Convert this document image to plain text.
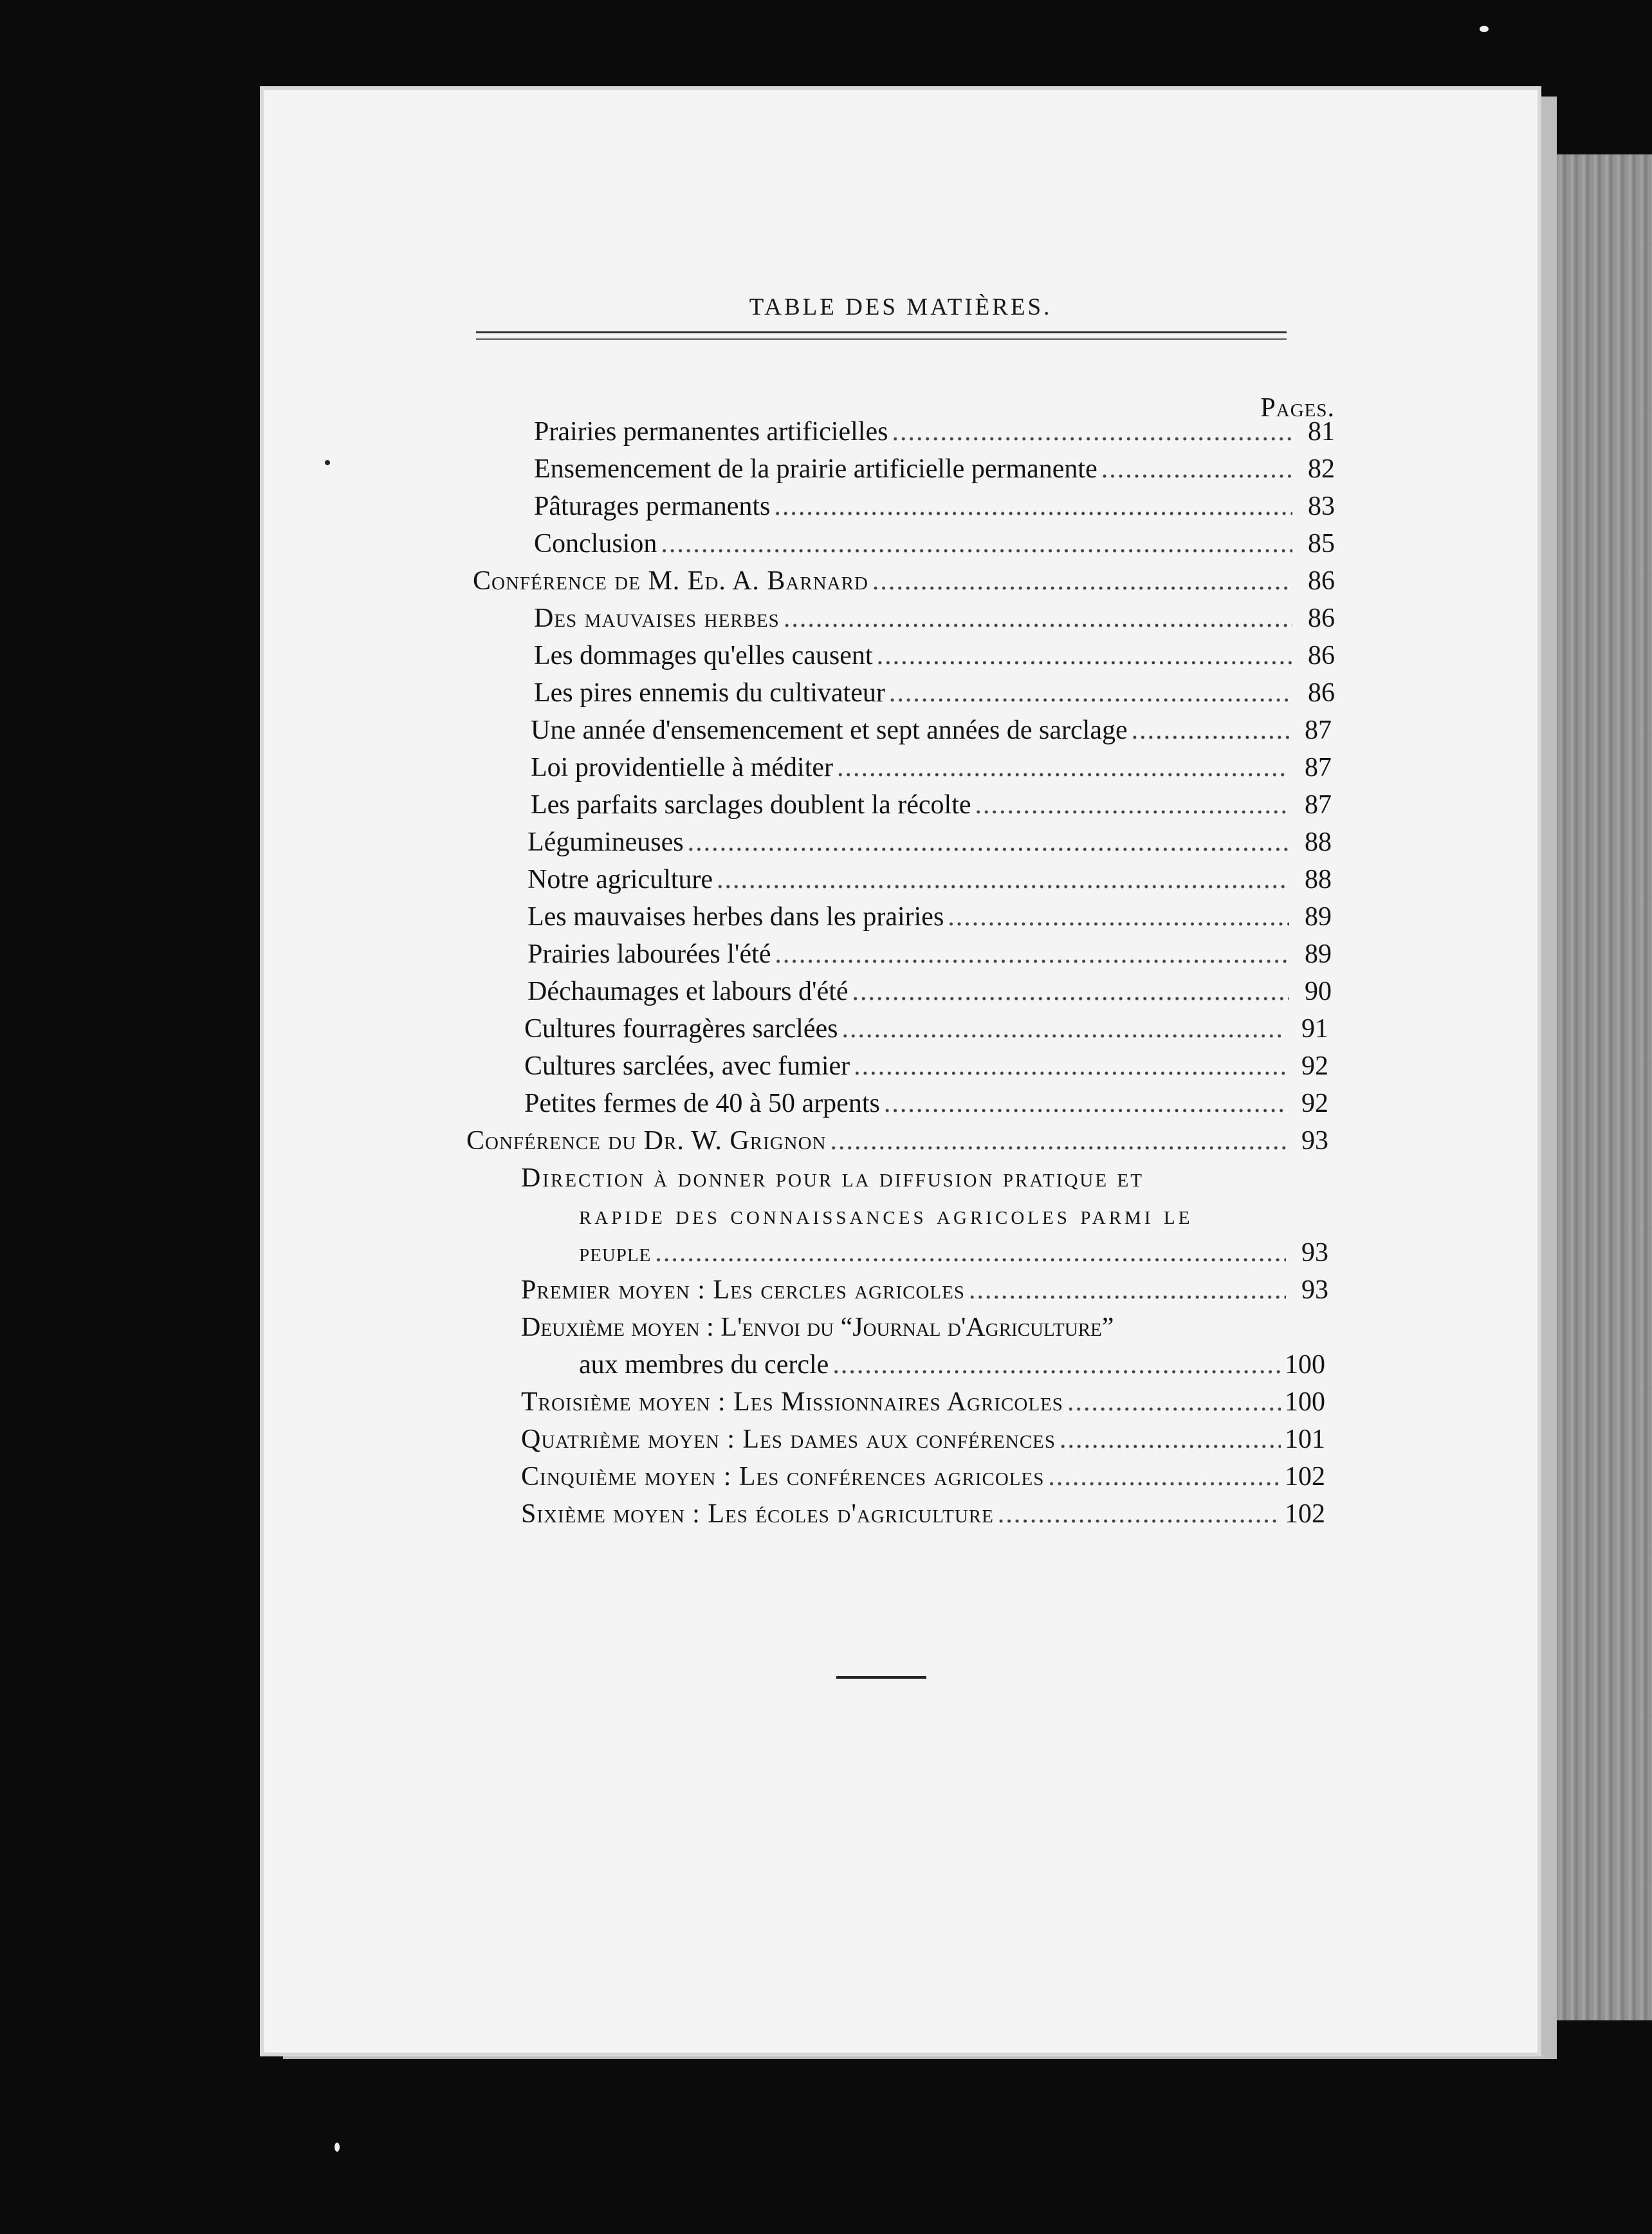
TABLE DES MATIÈRES.
Pages.
Prairies permanentes artificielles .....	81
Ensemencement de la prairie artificielle permanente .....	82
Pâturages permanents .....	83
Conclusion .....	85
Conférence de M. Ed. A. Barnard .....	86
Des mauvaises herbes .....	86
Les dommages qu'elles causent .....	86
Les pires ennemis du cultivateur .....	86
Une année d'ensemencement et sept années de sarclage .....	87
Loi providentielle à méditer .....	87
Les parfaits sarclages doublent la récolte .....	87
Légumineuses .....	88
Notre agriculture .....	88
Les mauvaises herbes dans les prairies .....	89
Prairies labourées l'été .....	89
Déchaumages et labours d'été .....	90
Cultures fourragères sarclées .....	91
Cultures sarclées, avec fumier .....	92
Petites fermes de 40 à 50 arpents .....	92
Conférence du Dr. W. Grignon .....	93
Direction à donner pour la diffusion pratique et
rapide des connaissances agricoles parmi le
peuple .....	93
Premier moyen : Les cercles agricoles .....	93
Deuxième moyen : L'envoi du “Journal d'Agriculture”
aux membres du cercle .....	100
Troisième moyen : Les Missionnaires Agricoles .....	100
Quatrième moyen : Les dames aux conférences .....	101
Cinquième moyen : Les conférences agricoles .....	102
Sixième moyen : Les écoles d'agriculture .....	102
